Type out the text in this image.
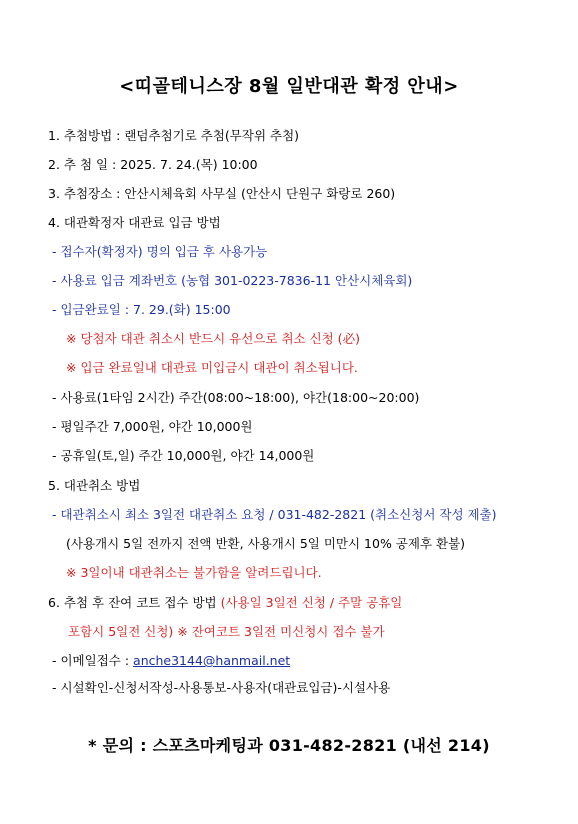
<띠골테니스장 8월 일반대관 확정 안내>
1. 추첨방법 : 랜덤추첨기로 추첨(무작위 추첨)
2. 추 첨 일 : 2025. 7. 24.(목) 10:00
3. 추첨장소 : 안산시체육회 사무실 (안산시 단원구 화랑로 260)
4. 대관확정자 대관료 입금 방법
- 접수자(확정자) 명의 입금 후 사용가능
- 사용료 입금 계좌번호 (농협 301-0223-7836-11 안산시체육회)
- 입금완료일 : 7. 29.(화) 15:00
※ 당첨자 대관 취소시 반드시 유선으로 취소 신청 (必)
※ 입금 완료일내 대관료 미입금시 대관이 취소됩니다.
- 사용료(1타임 2시간) 주간(08:00~18:00), 야간(18:00~20:00)
- 평일주간 7,000원, 야간 10,000원
- 공휴일(토,일) 주간 10,000원, 야간 14,000원
5. 대관취소 방법
- 대관취소시 최소 3일전 대관취소 요청 / 031-482-2821 (취소신청서 작성 제출)
(사용개시 5일 전까지 전액 반환, 사용개시 5일 미만시 10% 공제후 환불)
※ 3일이내 대관취소는 불가함을 알려드립니다.
6. 추첨 후 잔여 코트 접수 방법 (사용일 3일전 신청 / 주말 공휴일
포함시 5일전 신청) ※ 잔여코트 3일전 미신청시 접수 불가
- 이메일접수 : anche3144@hanmail.net
- 시설확인-신청서작성-사용통보-사용자(대관료입금)-시설사용
* 문의 : 스포츠마케팅과 031-482-2821 (내선 214)
